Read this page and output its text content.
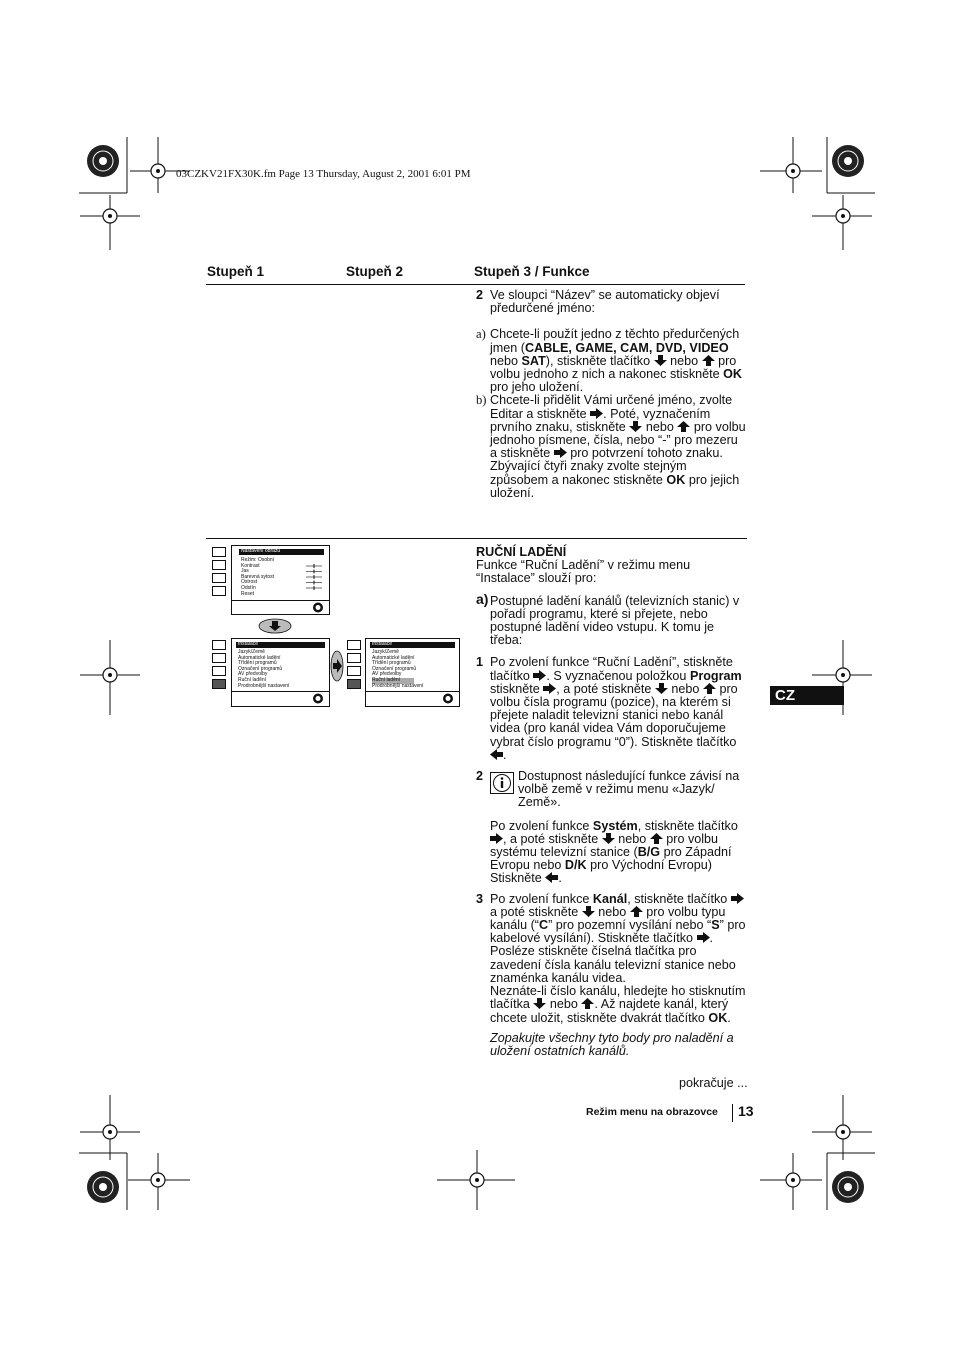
03CZKV21FX30K.fm Page 13 Thursday, August 2, 2001 6:01 PM
Stupeň 1	Stupeň 2	Stupeň 3 / Funkce
2 Ve sloupci “Název” se automaticky objeví předurčené jméno:
a) Chcete-li použít jedno z těchto předurčených jmen (CABLE, GAME, CAM, DVD, VIDEO nebo SAT), stiskněte tlačítko nebo pro volbu jednoho z nich a nakonec stiskněte OK pro jeho uložení.
b) Chcete-li přidělit Vámi určené jméno, zvolte Editar a stiskněte . Poté, vyznačením prvního znaku, stiskněte nebo pro volbu jednoho písmene, čísla, nebo “-” pro mezeru a stiskněte pro potvrzení tohoto znaku. Zbývající čtyři znaky zvolte stejným způsobem a nakonec stiskněte OK pro jejich uložení.
Nastavení obrazu
Režim: Osobní
Kontrast
Jas
Barevná sytost
Ostrost
Odstín
Reset
Instalace
Jazyk/Země
Automatické ladění
Třídění programů
Označení programů
AV předvolby
Ruční ladění
Prodrobnější nastavení
Instalace
Jazyk/Země
Automatické ladění
Třídění programů
Označení programů
AV předvolby
Ruční ladění
Prodrobnější nastavení
RUČNÍ LADĚNÍ
Funkce “Ruční Ladění” v režimu menu “Instalace” slouží pro:
a) Postupné ladění kanálů (televizních stanic) v pořadí programu, které si přejete, nebo postupné ladění video vstupu. K tomu je třeba:
1 Po zvolení funkce “Ruční Ladění”, stiskněte tlačítko . S vyznačenou položkou Program stiskněte , a poté stiskněte nebo pro volbu čísla programu (pozice), na kterém si přejete naladit televizní stanici nebo kanál videa (pro kanál videa Vám doporučujeme vybrat číslo programu “0”). Stiskněte tlačítko .
2	Dostupnost následující funkce závisí na volbě země v režimu menu «Jazyk/ Země».
Po zvolení funkce Systém, stiskněte tlačítko , a poté stiskněte nebo pro volbu systému televizní stanice (B/G pro Západní Evropu nebo D/K pro Východní Evropu) Stiskněte .
3 Po zvolení funkce Kanál, stiskněte tlačítko  a poté stiskněte nebo pro volbu typu kanálu (“C” pro pozemní vysílání nebo “S” pro kabelové vysílání). Stiskněte tlačítko . Posléze stiskněte číselná tlačítka pro zavedení čísla kanálu televizní stanice nebo znaménka kanálu videa.
Neznáte-li číslo kanálu, hledejte ho stisknutím tlačítka nebo . Až najdete kanál, který chcete uložit, stiskněte dvakrát tlačítko OK.
Zopakujte všechny tyto body pro naladění a uložení ostatních kanálů.
pokračuje ...
CZ
Režim menu na obrazovce 13
